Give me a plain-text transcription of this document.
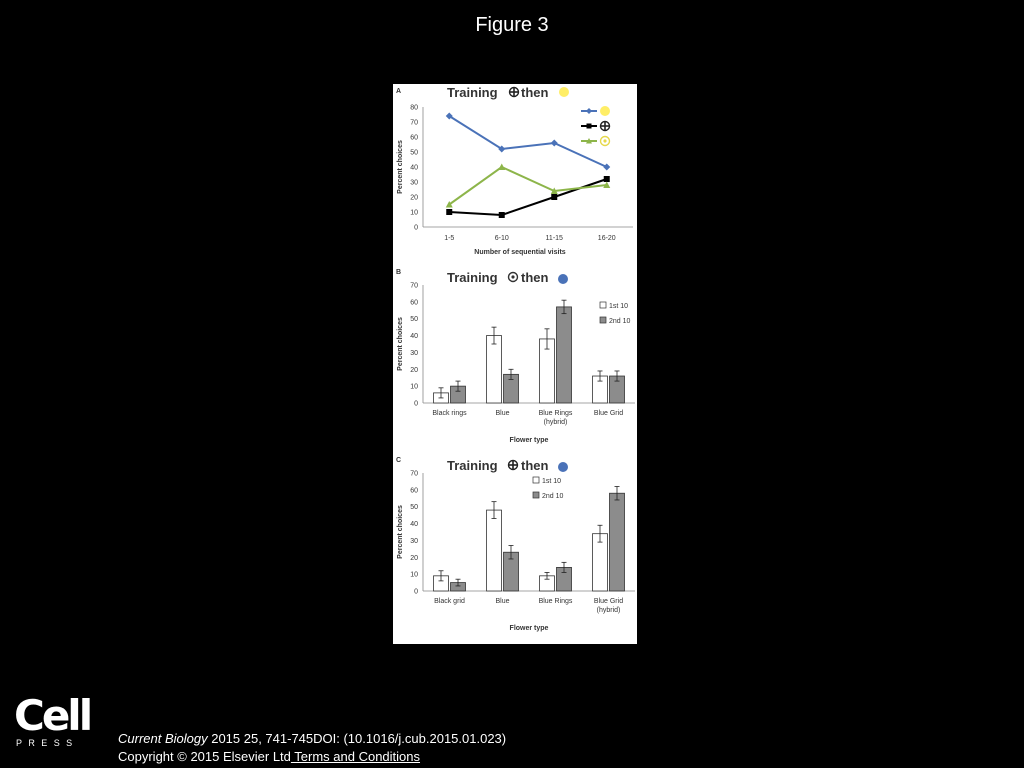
Figure 3
A	Training then
0
10
20
30
40
50
60
70
80
1-5	6-10	11-15	16-20
Percent choices
Number of sequential visits
B	Training then
0
10
20
30
40
50
60
70
Percent choices
Black rings	Blue	Blue Rings
(hybrid)
Blue Grid
Flower type
1st 10
2nd 10
C	Training then
0
10
20
30
40
50
60
70
Percent choices
Black grid	Blue	Blue Rings	Blue Grid
(hybrid)
Flower type
1st 10
2nd 10
Cell
PRESS	Current Biology 2015 25, 741-745DOI: (10.1016/j.cub.2015.01.023)
Copyright © 2015 Elsevier Ltd Terms and Conditions
